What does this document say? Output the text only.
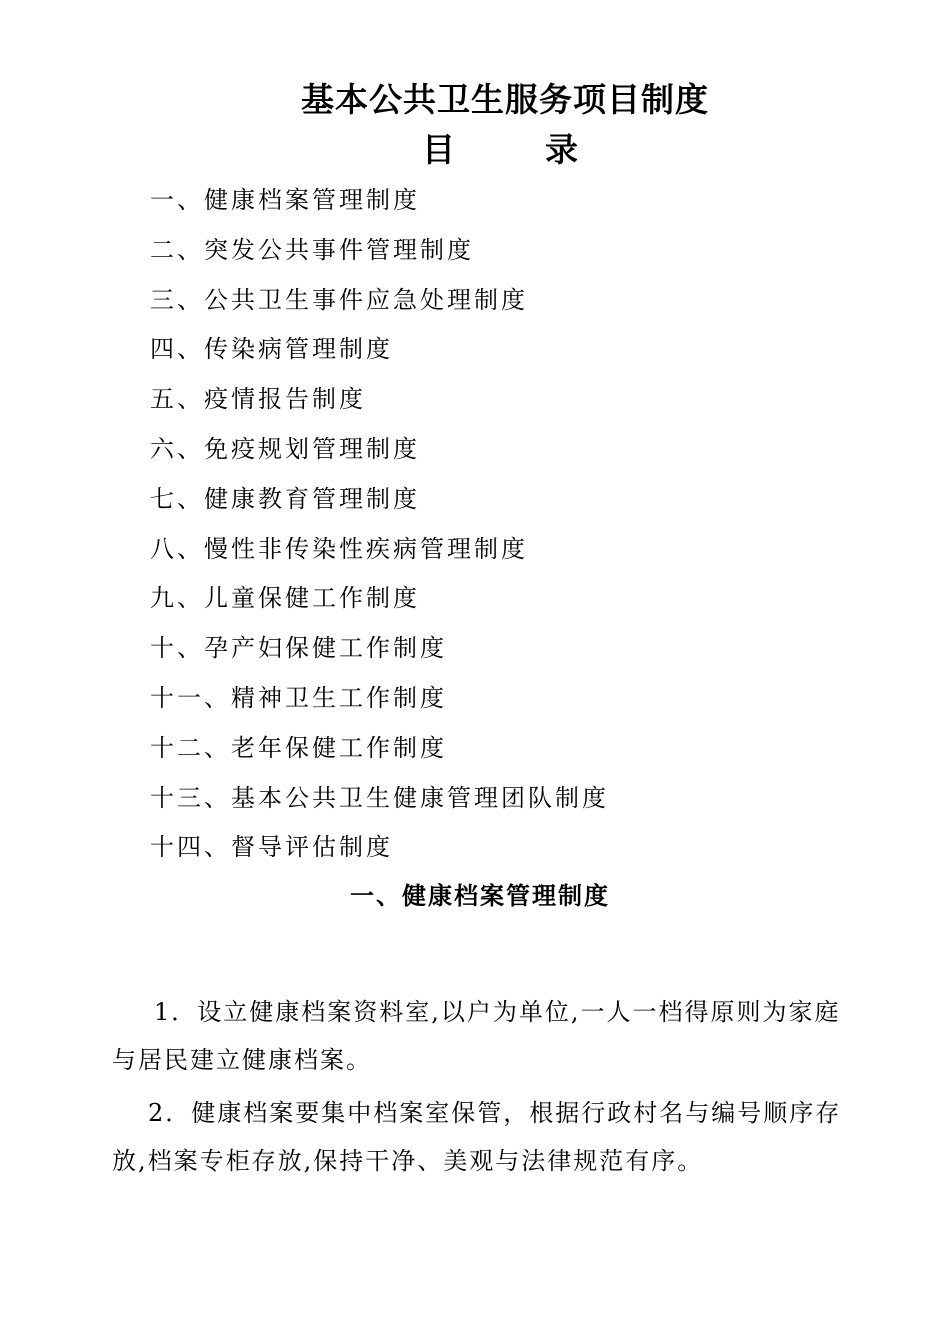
基本公共卫生服务项目制度
目	录
一、健康档案管理制度
二、突发公共事件管理制度
三、公共卫生事件应急处理制度
四、传染病管理制度
五、疫情报告制度
六、免疫规划管理制度
七、健康教育管理制度
八、慢性非传染性疾病管理制度
九、儿童保健工作制度
十、孕产妇保健工作制度
十一、精神卫生工作制度
十二、老年保健工作制度
十三、基本公共卫生健康管理团队制度
十四、督导评估制度
一、健康档案管理制度

1．设立健康档案资料室,以户为单位,一人一档得原则为家庭与居民建立健康档案。

2．健康档案要集中档案室保管，根据行政村名与编号顺序存放,档案专柜存放,保持干净、美观与法律规范有序。
